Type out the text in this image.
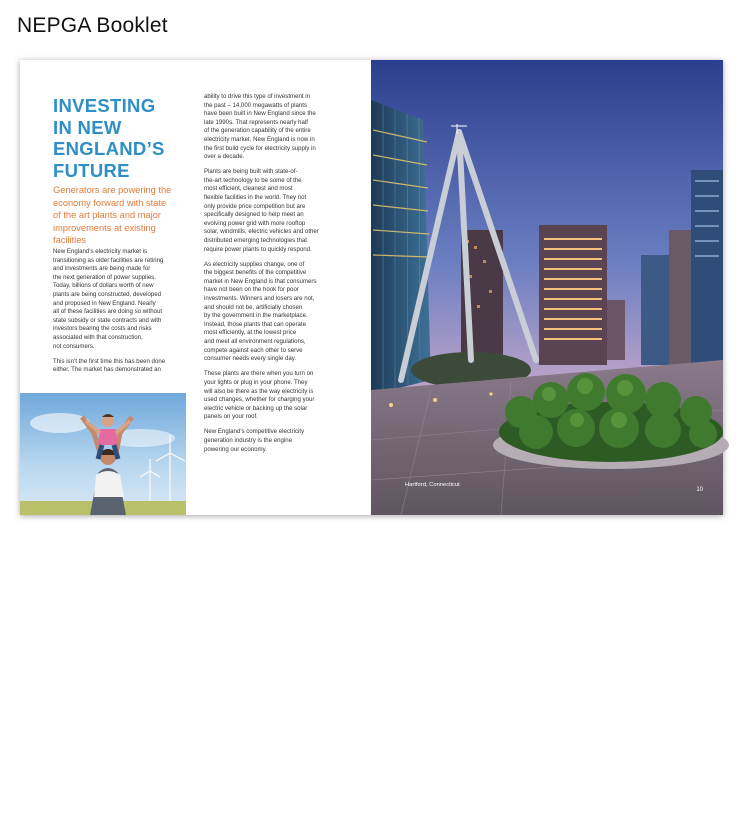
NEPGA Booklet
INVESTING
IN NEW
ENGLAND’S
FUTURE
Generators are powering the
economy forward with state
of the art plants and major
improvements at existing
facilities
New England’s electricity market is
transitioning as older facilities are retiring
and investments are being made for
the next generation of power supplies.
Today, billions of dollars worth of new
plants are being constructed, developed
and proposed in New England. Nearly
all of these facilities are doing so without
state subsidy or state contracts and with
investors bearing the costs and risks
associated with that construction,
not consumers.
This isn’t the first time this has been done
either. The market has demonstrated an
ability to drive this type of investment in
the past – 14,000 megawatts of plants
have been built in New England since the
late 1990s. That represents nearly half
of the generation capability of the entire
electricity market. New England is now in
the first build cycle for electricity supply in
over a decade.
Plants are being built with state-of-
the-art technology to be some of the
most efficient, cleanest and most
flexible facilities in the world. They not
only provide price competition but are
specifically designed to help meet an
evolving power grid with more rooftop
solar, windmills, electric vehicles and other
distributed emerging technologies that
require power plants to quickly respond.
As electricity supplies change, one of
the biggest benefits of the competitive
market in New England is that consumers
have not been on the hook for poor
investments. Winners and losers are not,
and should not be, artificially chosen
by the government in the marketplace.
Instead, those plants that can operate
most efficiently, at the lowest price
and meet all environment regulations,
compete against each other to serve
consumer needs every single day.
These plants are there when you turn on
your lights or plug in your phone. They
will also be there as the way electricity is
used changes, whether for charging your
electric vehicle or backing up the solar
panels on your roof.
New England’s competitive electricity
generation industry is the engine
powering our economy.
9
Hartford, Connecticut
10
